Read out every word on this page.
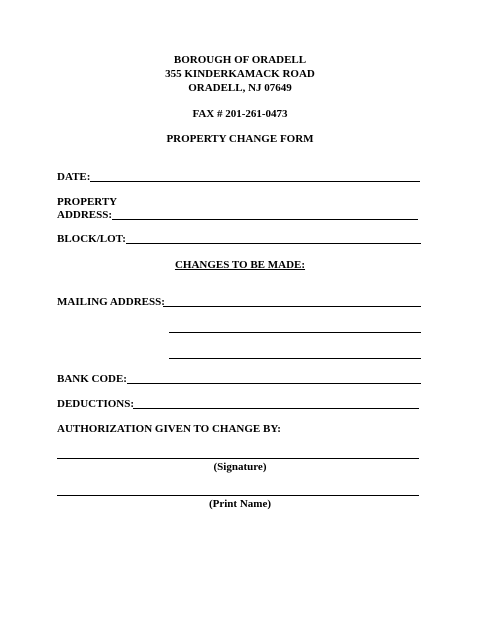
BOROUGH OF ORADELL
355 KINDERKAMACK ROAD
ORADELL, NJ 07649
FAX # 201-261-0473
PROPERTY CHANGE FORM
DATE:
PROPERTY
ADDRESS:
BLOCK/LOT:
CHANGES TO BE MADE:
MAILING ADDRESS:
BANK CODE:
DEDUCTIONS:
AUTHORIZATION GIVEN TO CHANGE BY:
(Signature)
(Print Name)
